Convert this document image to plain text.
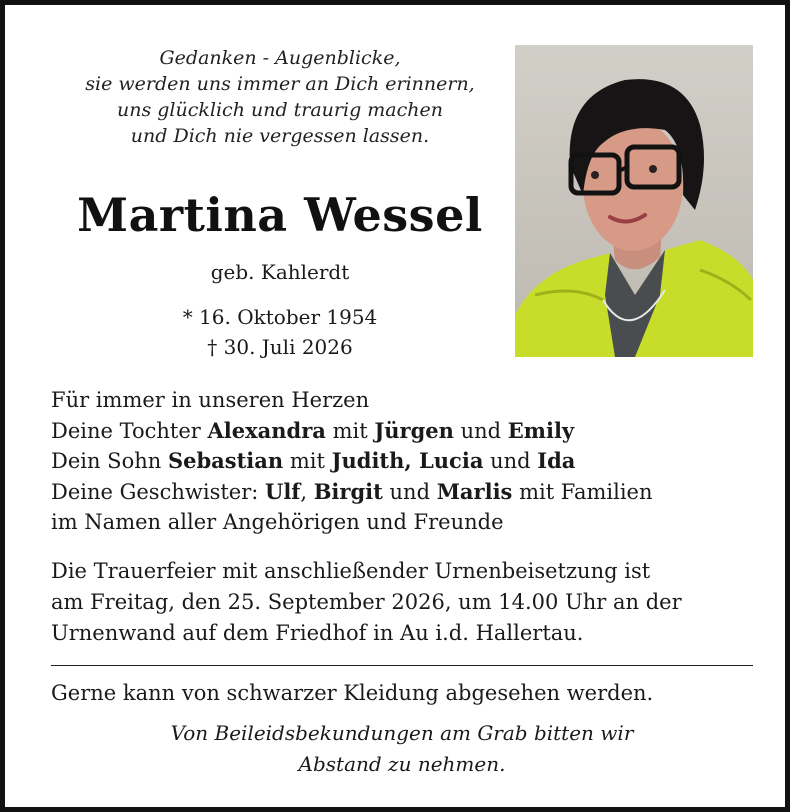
Gedanken - Augenblicke,
sie werden uns immer an Dich erinnern,
uns glücklich und traurig machen
und Dich nie vergessen lassen.
Martina Wessel
geb. Kahlerdt
* 16. Oktober 1954
† 30. Juli 2026
Für immer in unseren Herzen
Deine Tochter Alexandra mit Jürgen und Emily
Dein Sohn Sebastian mit Judith, Lucia und Ida
Deine Geschwister: Ulf, Birgit und Marlis mit Familien
im Namen aller Angehörigen und Freunde
Die Trauerfeier mit anschließender Urnenbeisetzung ist
am Freitag, den 25. September 2026, um 14.00 Uhr an der
Urnenwand auf dem Friedhof in Au i.d. Hallertau.
Gerne kann von schwarzer Kleidung abgesehen werden.
Von Beileidsbekundungen am Grab bitten wir
Abstand zu nehmen.
